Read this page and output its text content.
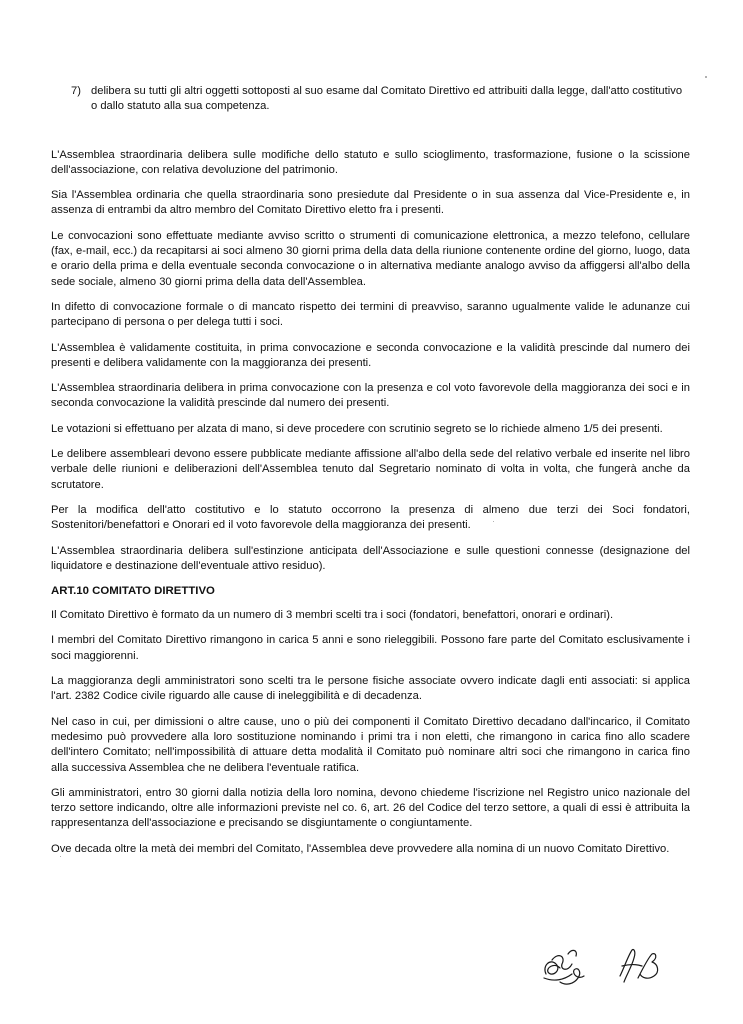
7) delibera su tutti gli altri oggetti sottoposti al suo esame dal Comitato Direttivo ed attribuiti dalla legge, dall'atto costitutivo o dallo statuto alla sua competenza.

L'Assemblea straordinaria delibera sulle modifiche dello statuto e sullo scioglimento, trasformazione, fusione o la scissione dell'associazione, con relativa devoluzione del patrimonio.

Sia l'Assemblea ordinaria che quella straordinaria sono presiedute dal Presidente o in sua assenza dal Vice-Presidente e, in assenza di entrambi da altro membro del Comitato Direttivo eletto fra i presenti.

Le convocazioni sono effettuate mediante avviso scritto o strumenti di comunicazione elettronica, a mezzo telefono, cellulare (fax, e-mail, ecc.) da recapitarsi ai soci almeno 30 giorni prima della data della riunione contenente ordine del giorno, luogo, data e orario della prima e della eventuale seconda convocazione o in alternativa mediante analogo avviso da affiggersi all'albo della sede sociale, almeno 30 giorni prima della data dell'Assemblea.

In difetto di convocazione formale o di mancato rispetto dei termini di preavviso, saranno ugualmente valide le adunanze cui partecipano di persona o per delega tutti i soci.

L'Assemblea è validamente costituita, in prima convocazione e seconda convocazione e la validità prescinde dal numero dei presenti e delibera validamente con la maggioranza dei presenti.

L'Assemblea straordinaria delibera in prima convocazione con la presenza e col voto favorevole della maggioranza dei soci e in seconda convocazione la validità prescinde dal numero dei presenti.

Le votazioni si effettuano per alzata di mano, si deve procedere con scrutinio segreto se lo richiede almeno 1/5 dei presenti.

Le delibere assembleari devono essere pubblicate mediante affissione all'albo della sede del relativo verbale ed inserite nel libro verbale delle riunioni e deliberazioni dell'Assemblea tenuto dal Segretario nominato di volta in volta, che fungerà anche da scrutatore.

Per la modifica dell'atto costitutivo e lo statuto occorrono la presenza di almeno due terzi dei Soci fondatori, Sostenitori/benefattori e Onorari ed il voto favorevole della maggioranza dei presenti.

L'Assemblea straordinaria delibera sull'estinzione anticipata dell'Associazione e sulle questioni connesse (designazione del liquidatore e destinazione dell'eventuale attivo residuo).

ART.10 COMITATO DIRETTIVO

Il Comitato Direttivo è formato da un numero di 3 membri scelti tra i soci (fondatori, benefattori, onorari e ordinari).

I membri del Comitato Direttivo rimangono in carica 5 anni e sono rieleggibili. Possono fare parte del Comitato esclusivamente i soci maggiorenni.

La maggioranza degli amministratori sono scelti tra le persone fisiche associate ovvero indicate dagli enti associati: si applica l'art. 2382 Codice civile riguardo alle cause di ineleggibilità e di decadenza.

Nel caso in cui, per dimissioni o altre cause, uno o più dei componenti il Comitato Direttivo decadano dall'incarico, il Comitato medesimo può provvedere alla loro sostituzione nominando i primi tra i non eletti, che rimangono in carica fino allo scadere dell'intero Comitato; nell'impossibilità di attuare detta modalità il Comitato può nominare altri soci che rimangono in carica fino alla successiva Assemblea che ne delibera l'eventuale ratifica.

Gli amministratori, entro 30 giorni dalla notizia della loro nomina, devono chiedeme l'iscrizione nel Registro unico nazionale del terzo settore indicando, oltre alle informazioni previste nel co. 6, art. 26 del Codice del terzo settore, a quali di essi è attribuita la rappresentanza dell'associazione e precisando se disgiuntamente o congiuntamente.

Ove decada oltre la metà dei membri del Comitato, l'Assemblea deve provvedere alla nomina di un nuovo Comitato Direttivo.
